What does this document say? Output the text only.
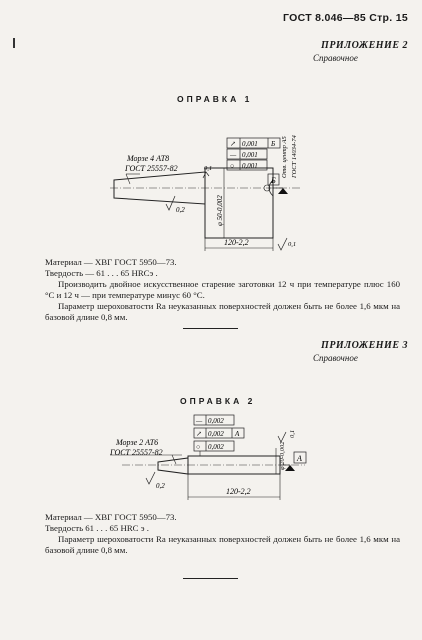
ГОСТ 8.046—85 Стр. 15
ПРИЛОЖЕНИЕ 2
Справочное
ОПРАВКА 1
Морзе 4 АТ8
ГОСТ 25557-82
0,2
0,1
φ 50-0,002
↗ 0,001 Б
— 0,001
○ 0,001	Отв. центр А5 ГОСТ 14034-74
Б
120-2,2	0,1
Материал — ХВГ ГОСТ 5950—73.
Твердость — 61 . . . 65 HRCэ .
Производить двойное искусственное старение заготовки 12 ч при температуре плюс 160 °С и 12 ч — при температуре минус 60 °С.
Параметр шероховатости Ra неуказанных поверхностей должен быть не более 1,6 мкм на базовой длине 0,8 мм.
ПРИЛОЖЕНИЕ 3
Справочное
ОПРАВКА 2
Морзе 2 АТ6
ГОСТ 25557-82
0,2
— 0,002
↗ 0,002 А
○ 0,002
0,1
φ 20-0,002 А
120-2,2
Материал — ХВГ ГОСТ 5950—73.
Твердость 61 . . . 65 HRC э .
Параметр шероховатости Ra неуказанных поверхностей должен быть не более 1,6 мкм на базовой длине 0,8 мм.
